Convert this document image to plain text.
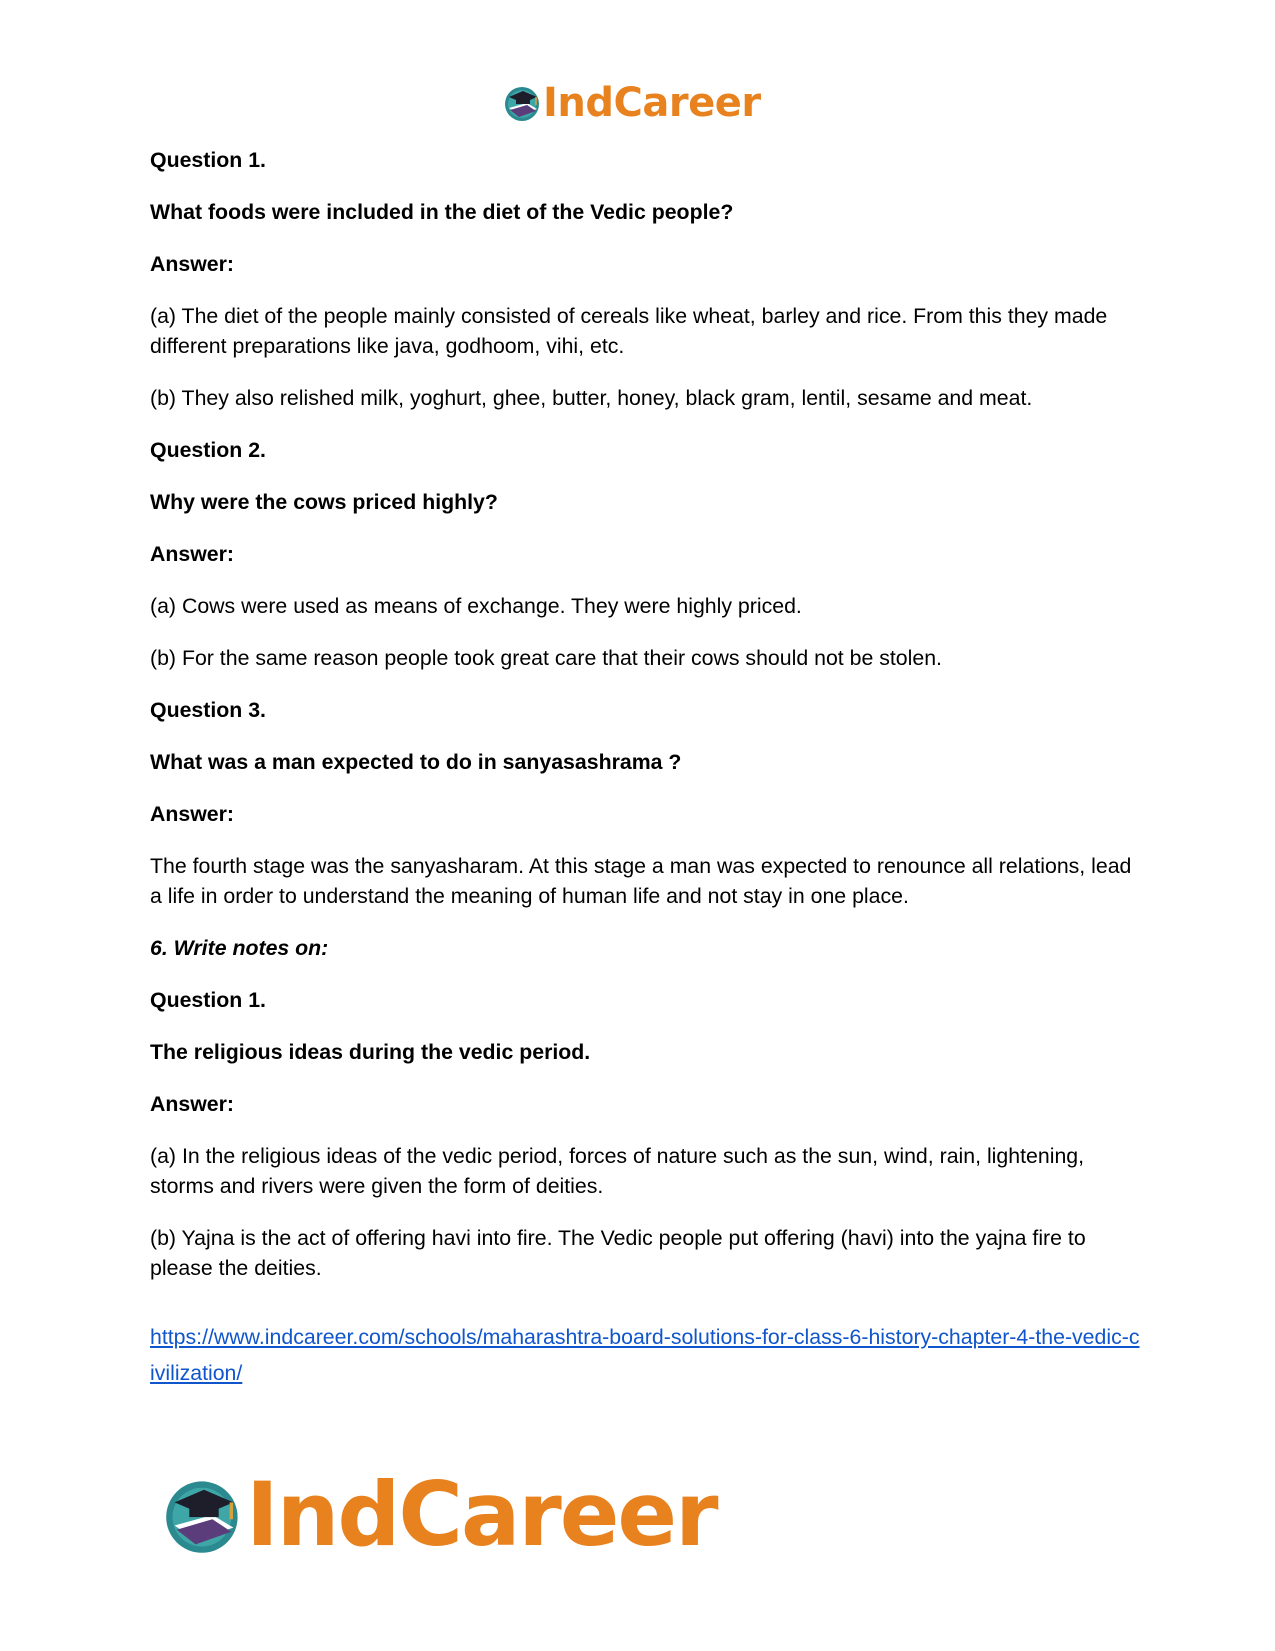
IndCareer

Question 1.

What foods were included in the diet of the Vedic people?

Answer:

(a) The diet of the people mainly consisted of cereals like wheat, barley and rice. From this they made different preparations like java, godhoom, vihi, etc.

(b) They also relished milk, yoghurt, ghee, butter, honey, black gram, lentil, sesame and meat.

Question 2.

Why were the cows priced highly?

Answer:

(a) Cows were used as means of exchange. They were highly priced.

(b) For the same reason people took great care that their cows should not be stolen.

Question 3.

What was a man expected to do in sanyasashrama ?

Answer:

The fourth stage was the sanyasharam. At this stage a man was expected to renounce all relations, lead a life in order to understand the meaning of human life and not stay in one place.

6. Write notes on:

Question 1.

The religious ideas during the vedic period.

Answer:

(a) In the religious ideas of the vedic period, forces of nature such as the sun, wind, rain, lightening, storms and rivers were given the form of deities.

(b) Yajna is the act of offering havi into fire. The Vedic people put offering (havi) into the yajna fire to please the deities.

https://www.indcareer.com/schools/maharashtra-board-solutions-for-class-6-history-chapter-4-the-vedic-civilization/
IndCareer
